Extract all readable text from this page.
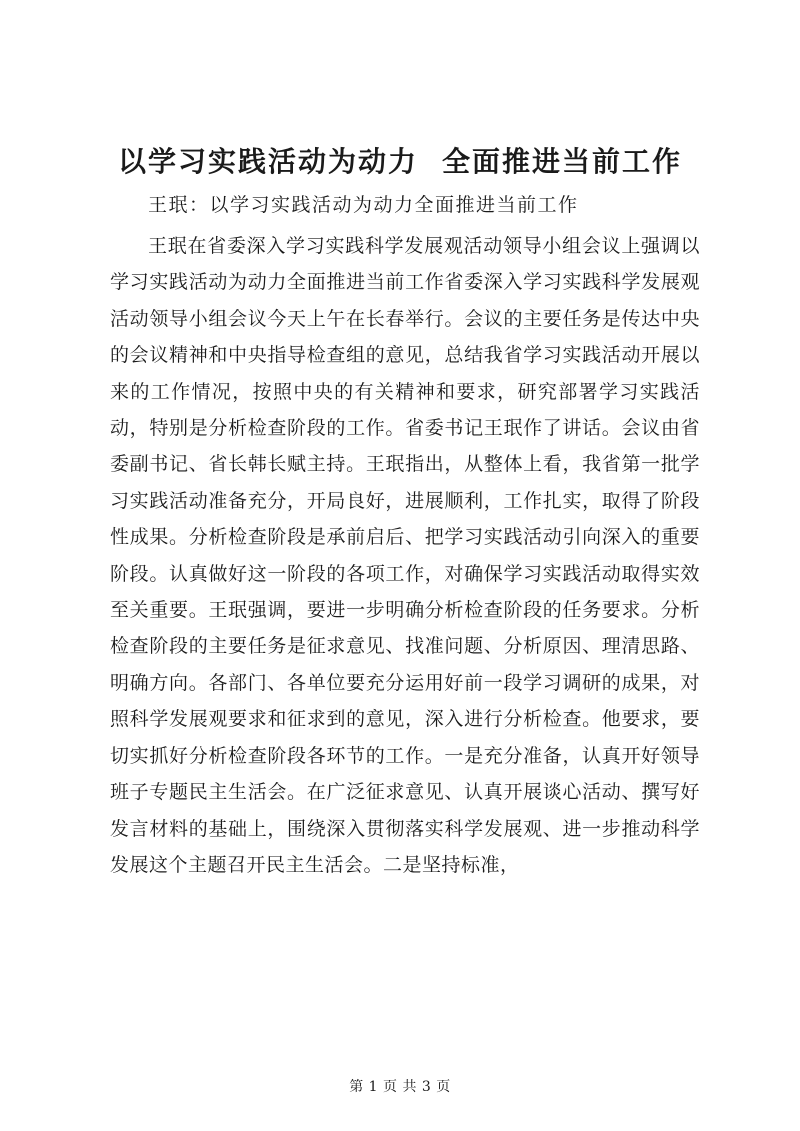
以学习实践活动为动力 全面推进当前工作

王珉：以学习实践活动为动力全面推进当前工作

王珉在省委深入学习实践科学发展观活动领导小组会议上强调以学习实践活动为动力全面推进当前工作省委深入学习实践科学发展观活动领导小组会议今天上午在长春举行。会议的主要任务是传达中央的会议精神和中央指导检查组的意见，总结我省学习实践活动开展以来的工作情况，按照中央的有关精神和要求，研究部署学习实践活动，特别是分析检查阶段的工作。省委书记王珉作了讲话。会议由省委副书记、省长韩长赋主持。王珉指出，从整体上看，我省第一批学习实践活动准备充分，开局良好，进展顺利，工作扎实，取得了阶段性成果。分析检查阶段是承前启后、把学习实践活动引向深入的重要阶段。认真做好这一阶段的各项工作，对确保学习实践活动取得实效至关重要。王珉强调，要进一步明确分析检查阶段的任务要求。分析检查阶段的主要任务是征求意见、找准问题、分析原因、理清思路、明确方向。各部门、各单位要充分运用好前一段学习调研的成果，对照科学发展观要求和征求到的意见，深入进行分析检查。他要求，要切实抓好分析检查阶段各环节的工作。一是充分准备，认真开好领导班子专题民主生活会。在广泛征求意见、认真开展谈心活动、撰写好发言材料的基础上，围绕深入贯彻落实科学发展观、进一步推动科学发展这个主题召开民主生活会。二是坚持标准，

第 1 页 共 3 页
